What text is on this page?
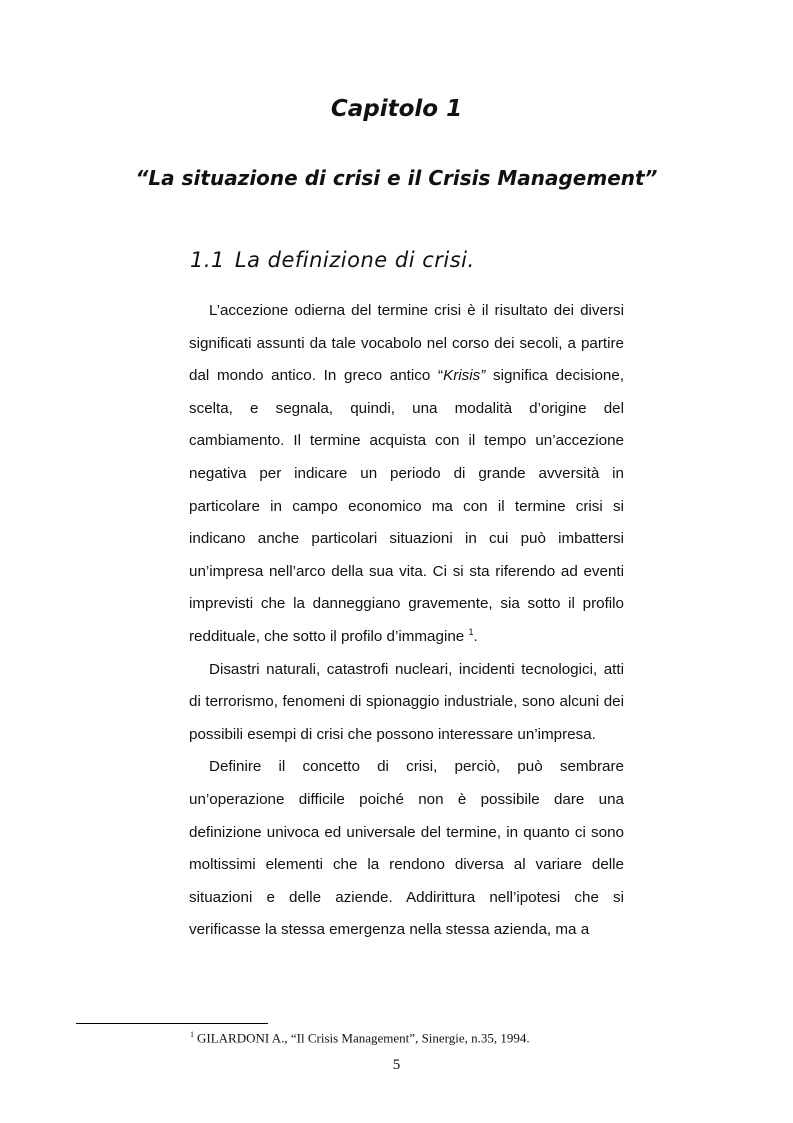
Capitolo 1
“La situazione di crisi e il Crisis Management”
1.1 La definizione di crisi.

L’accezione odierna del termine crisi è il risultato dei diversi significati assunti da tale vocabolo nel corso dei secoli, a partire dal mondo antico. In greco antico “Krisis” significa decisione, scelta, e segnala, quindi, una modalità d’origine del cambiamento. Il termine acquista con il tempo un’accezione negativa per indicare un periodo di grande avversità in particolare in campo economico ma con il termine crisi si indicano anche particolari situazioni in cui può imbattersi un’impresa nell’arco della sua vita. Ci si sta riferendo ad eventi imprevisti che la danneggiano gravemente, sia sotto il profilo reddituale, che sotto il profilo d’immagine $^1$.

Disastri naturali, catastrofi nucleari, incidenti tecnologici, atti di terrorismo, fenomeni di spionaggio industriale, sono alcuni dei possibili esempi di crisi che possono interessare un’impresa.

Definire il concetto di crisi, perciò, può sembrare un’operazione difficile poiché non è possibile dare una definizione univoca ed universale del termine, in quanto ci sono moltissimi elementi che la rendono diversa al variare delle situazioni e delle aziende. Addirittura nell’ipotesi che si verificasse la stessa emergenza nella stessa azienda, ma a

$^1$ GILARDONI A., “Il Crisis Management”, Sinergie, n.35, 1994.
5
